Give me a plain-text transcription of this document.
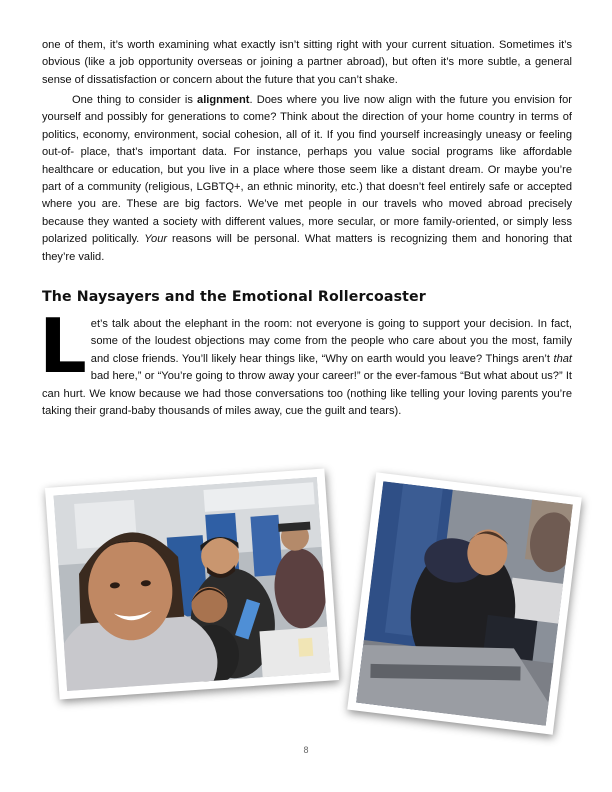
one of them, it’s worth examining what exactly isn’t sitting right with your current situation. Sometimes it’s obvious (like a job opportunity overseas or joining a partner abroad), but often it’s more subtle, a general sense of dissatisfaction or concern about the future that you can’t shake.

One thing to consider is alignment. Does where you live now align with the future you envision for yourself and possibly for generations to come? Think about the direction of your home country in terms of politics, economy, environment, social cohesion, all of it. If you find yourself increasingly uneasy or feeling out-of- place, that’s important data. For instance, perhaps you value social programs like affordable healthcare or education, but you live in a place where those seem like a distant dream. Or maybe you’re part of a community (religious, LGBTQ+, an ethnic minority, etc.) that doesn’t feel entirely safe or accepted where you are. These are big factors. We’ve met people in our travels who moved abroad precisely because they wanted a society with different values, more secular, or more family-oriented, or simply less polarized politically. Your reasons will be personal. What matters is recognizing them and honoring that they’re valid.

The Naysayers and the Emotional Rollercoaster

Let’s talk about the elephant in the room: not everyone is going to support your decision. In fact, some of the loudest objections may come from the people who care about you the most, family and close friends. You’ll likely hear things like, “Why on earth would you leave? Things aren’t that bad here,” or “You’re going to throw away your career!” or the ever-famous “But what about us?” It can hurt. We know because we had those conversations too (nothing like telling your loving parents you’re taking their grand-baby thousands of miles away, cue the guilt and tears).

8
